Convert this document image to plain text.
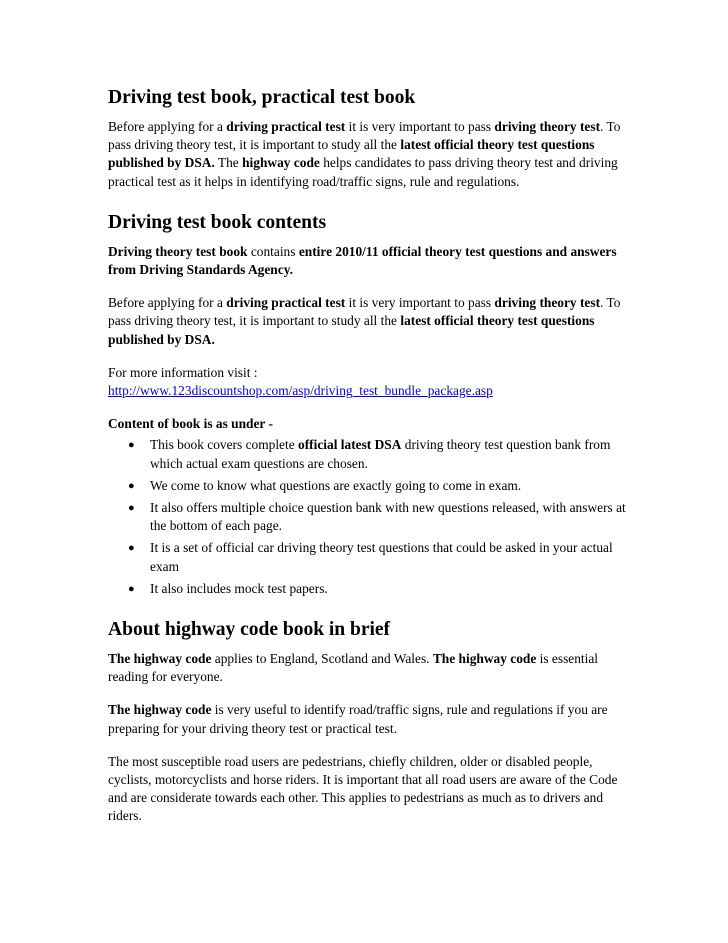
Driving test book, practical test book

Before applying for a driving practical test it is very important to pass driving theory test. To pass driving theory test, it is important to study all the latest official theory test questions published by DSA. The highway code helps candidates to pass driving theory test and driving practical test as it helps in identifying road/traffic signs, rule and regulations.

Driving test book contents

Driving theory test book contains entire 2010/11 official theory test questions and answers from Driving Standards Agency.

Before applying for a driving practical test it is very important to pass driving theory test. To pass driving theory test, it is important to study all the latest official theory test questions published by DSA.

For more information visit :
http://www.123discountshop.com/asp/driving_test_bundle_package.asp

Content of book is as under -
● This book covers complete official latest DSA driving theory test question bank from which actual exam questions are chosen.
● We come to know what questions are exactly going to come in exam.
● It also offers multiple choice question bank with new questions released, with answers at the bottom of each page.
● It is a set of official car driving theory test questions that could be asked in your actual exam
● It also includes mock test papers.
About highway code book in brief

The highway code applies to England, Scotland and Wales. The highway code is essential reading for everyone.

The highway code is very useful to identify road/traffic signs, rule and regulations if you are preparing for your driving theory test or practical test.

The most susceptible road users are pedestrians, chiefly children, older or disabled people, cyclists, motorcyclists and horse riders. It is important that all road users are aware of the Code and are considerate towards each other. This applies to pedestrians as much as to drivers and riders.
